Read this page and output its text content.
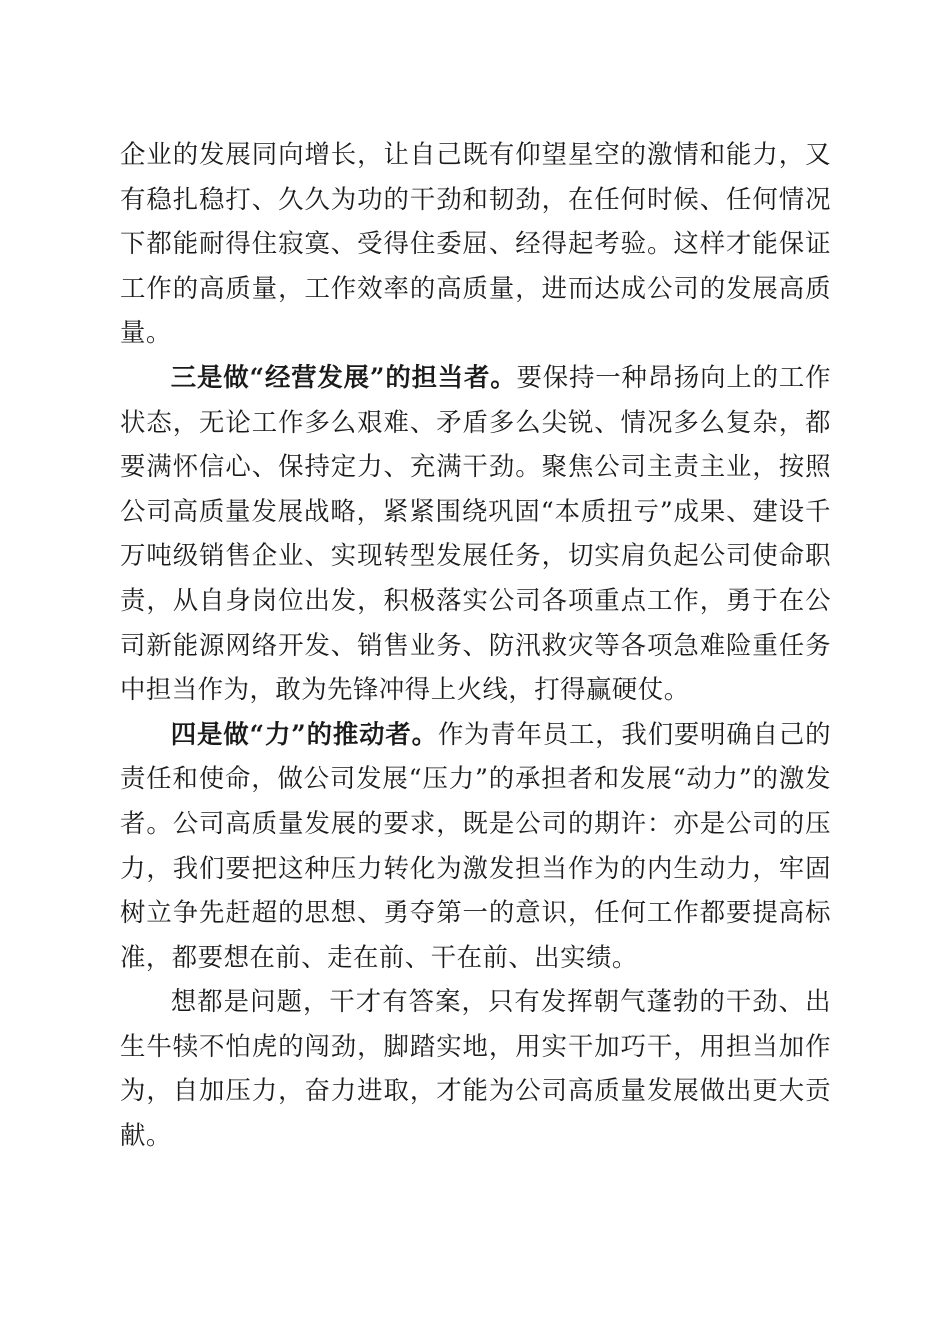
企业的发展同向增长，让自己既有仰望星空的激情和能力，又有稳扎稳打、久久为功的干劲和韧劲，在任何时候、任何情况下都能耐得住寂寞、受得住委屈、经得起考验。这样才能保证工作的高质量，工作效率的高质量，进而达成公司的发展高质量。

三是做“经营发展”的担当者。要保持一种昂扬向上的工作状态，无论工作多么艰难、矛盾多么尖锐、情况多么复杂，都要满怀信心、保持定力、充满干劲。聚焦公司主责主业，按照公司高质量发展战略，紧紧围绕巩固“本质扭亏”成果、建设千万吨级销售企业、实现转型发展任务，切实肩负起公司使命职责，从自身岗位出发，积极落实公司各项重点工作，勇于在公司新能源网络开发、销售业务、防汛救灾等各项急难险重任务中担当作为，敢为先锋冲得上火线，打得赢硬仗。

四是做“力”的推动者。作为青年员工，我们要明确自己的责任和使命，做公司发展“压力”的承担者和发展“动力”的激发者。公司高质量发展的要求，既是公司的期许：亦是公司的压力，我们要把这种压力转化为激发担当作为的内生动力，牢固树立争先赶超的思想、勇夺第一的意识，任何工作都要提高标准，都要想在前、走在前、干在前、出实绩。

想都是问题，干才有答案，只有发挥朝气蓬勃的干劲、出生牛犊不怕虎的闯劲，脚踏实地，用实干加巧干，用担当加作为，自加压力，奋力进取，才能为公司高质量发展做出更大贡献。
